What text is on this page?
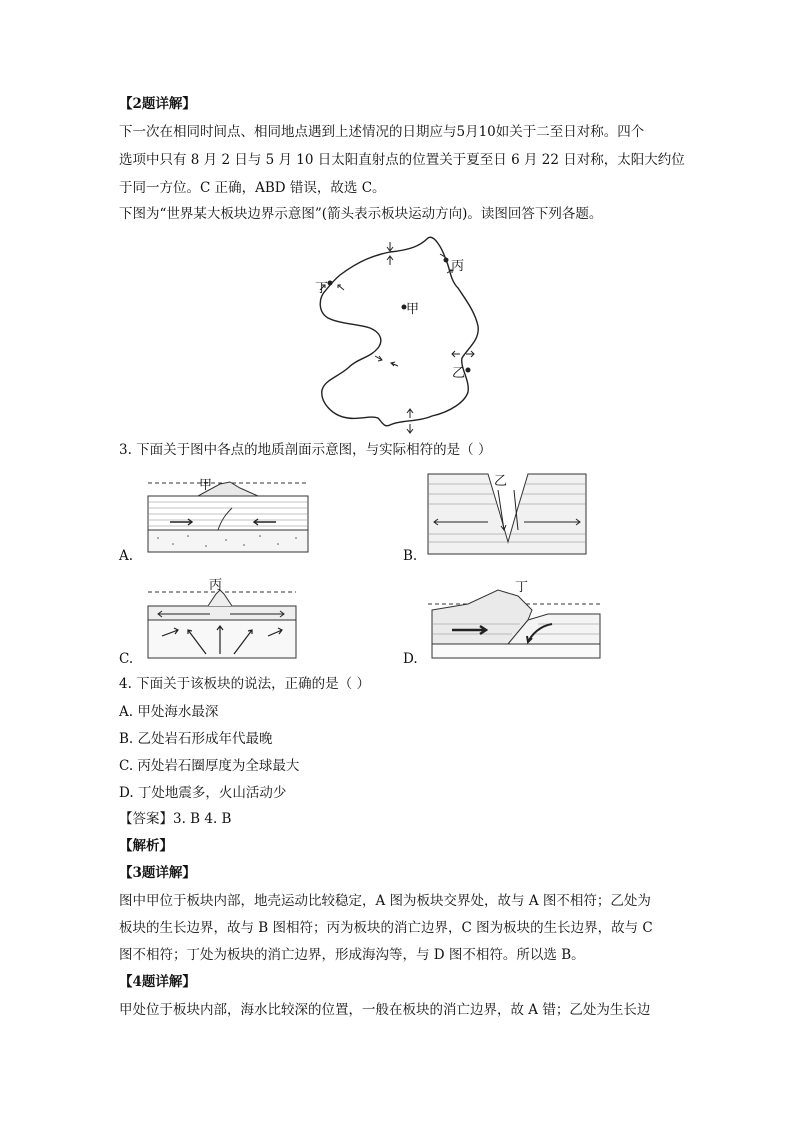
【2题详解】
下一次在相同时间点、相同地点遇到上述情况的日期应与5月10如关于二至日对称。四个
选项中只有 8 月 2 日与 5 月 10 日太阳直射点的位置关于夏至日 6 月 22 日对称，太阳大约位
于同一方位。C 正确，ABD 错误，故选 C。
下图为“世界某大板块边界示意图”(箭头表示板块运动方向)。读图回答下列各题。
甲
乙
丙
丁
3. 下面关于图中各点的地质剖面示意图，与实际相符的是（ ）
甲
A.
乙
B.
丙
C.
丁
D.
4. 下面关于该板块的说法，正确的是（ ）
A. 甲处海水最深
B. 乙处岩石形成年代最晚
C. 丙处岩石圈厚度为全球最大
D. 丁处地震多，火山活动少
【答案】3. B 4. B
【解析】
【3题详解】
图中甲位于板块内部，地壳运动比较稳定，A 图为板块交界处，故与 A 图不相符；乙处为
板块的生长边界，故与 B 图相符；丙为板块的消亡边界，C 图为板块的生长边界，故与 C
图不相符；丁处为板块的消亡边界，形成海沟等，与 D 图不相符。所以选 B。
【4题详解】
甲处位于板块内部，海水比较深的位置，一般在板块的消亡边界，故 A 错；乙处为生长边
